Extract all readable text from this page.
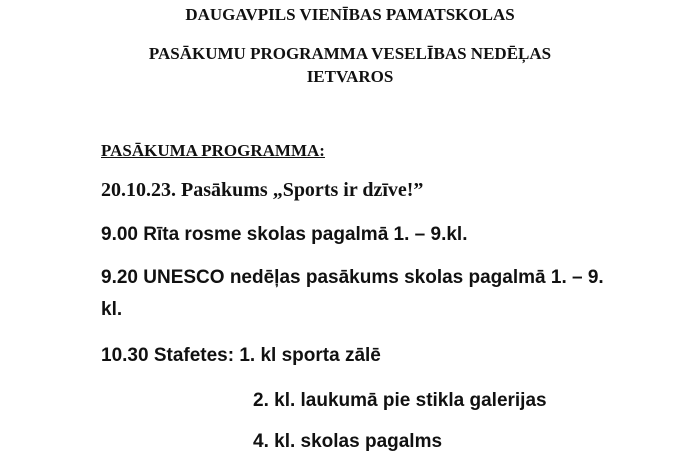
DAUGAVPILS VIENĪBAS PAMATSKOLAS
PASĀKUMU PROGRAMMA VESELĪBAS NEDĒĻAS
IETVAROS
PASĀKUMA PROGRAMMA:
20.10.23. Pasākums „Sports ir dzīve!”
9.00 Rīta rosme skolas pagalmā 1. – 9.kl.
9.20 UNESCO nedēļas pasākums skolas pagalmā 1. – 9.
kl.
10.30 Stafetes: 1. kl sporta zālē
2. kl. laukumā pie stikla galerijas
4. kl. skolas pagalms
